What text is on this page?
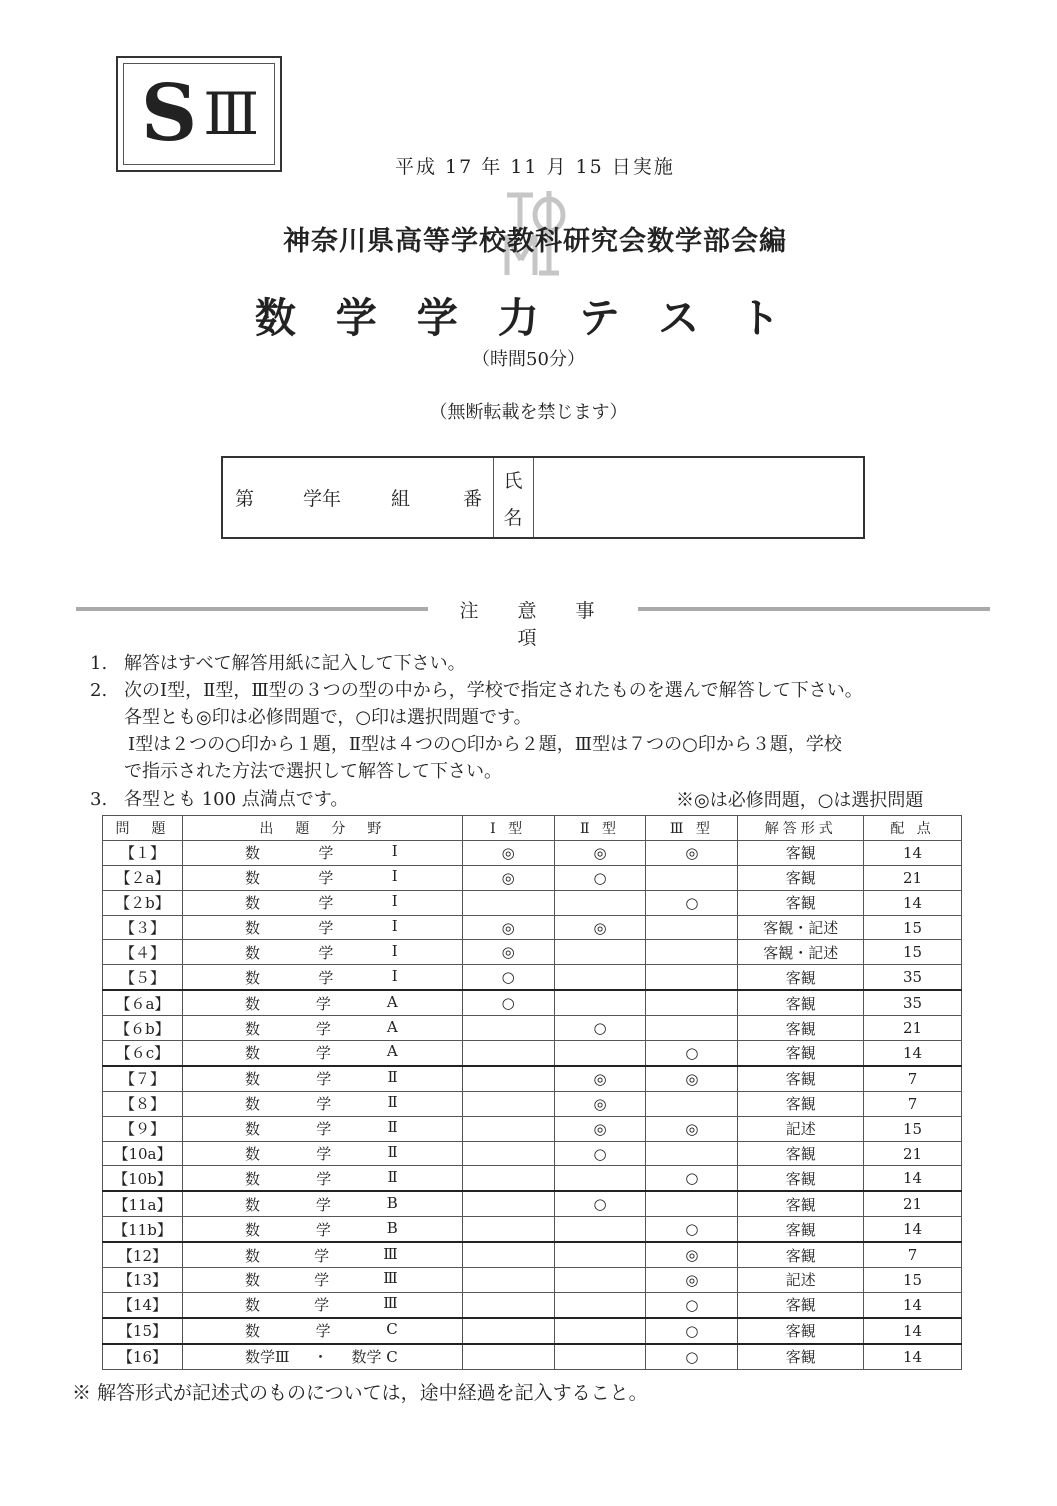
S Ⅲ
平成 17 年 11 月 15 日実施
神奈川県高等学校教科研究会数学部会編
数学学力テスト
（時間50分）
（無断転載を禁じます）
第	学年	組	番
氏
名
注　意　事　項
1. 解答はすべて解答用紙に記入して下さい。
2. 次のⅠ型，Ⅱ型，Ⅲ型の３つの型の中から，学校で指定されたものを選んで解答して下さい。
各型とも◎印は必修問題で，○印は選択問題です。
Ⅰ型は２つの○印から１題，Ⅱ型は４つの○印から２題，Ⅲ型は７つの○印から３題，学校
で指示された方法で選択して解答して下さい。
3. 各型とも 100 点満点です。	※◎は必修問題，○は選択問題
問　題	出　題　分　野	Ⅰ 型	Ⅱ 型	Ⅲ 型	解答形式	配 点
【１】	数 学 Ⅰ	◎	◎	◎	客観	14
【２a】	数 学 Ⅰ	◎	○		客観	21
【２b】	数 学 Ⅰ			○	客観	14
【３】	数 学 Ⅰ	◎	◎		客観・記述	15
【４】	数 学 Ⅰ	◎			客観・記述	15
【５】	数 学 Ⅰ	○			客観	35
【６a】	数 学 A	○			客観	35
【６b】	数 学 A		○		客観	21
【６c】	数 学 A			○	客観	14
【７】	数 学 Ⅱ		◎	◎	客観	7
【８】	数 学 Ⅱ		◎		客観	7
【９】	数 学 Ⅱ		◎	◎	記述	15
【10a】	数 学 Ⅱ		○		客観	21
【10b】	数 学 Ⅱ			○	客観	14
【11a】	数 学 B		○		客観	21
【11b】	数 学 B			○	客観	14
【12】	数 学 Ⅲ			◎	客観	7
【13】	数 学 Ⅲ			◎	記述	15
【14】	数 学 Ⅲ			○	客観	14
【15】	数 学 C			○	客観	14
【16】	数学Ⅲ ・ 数学 C			○	客観	14
※ 解答形式が記述式のものについては，途中経過を記入すること。
